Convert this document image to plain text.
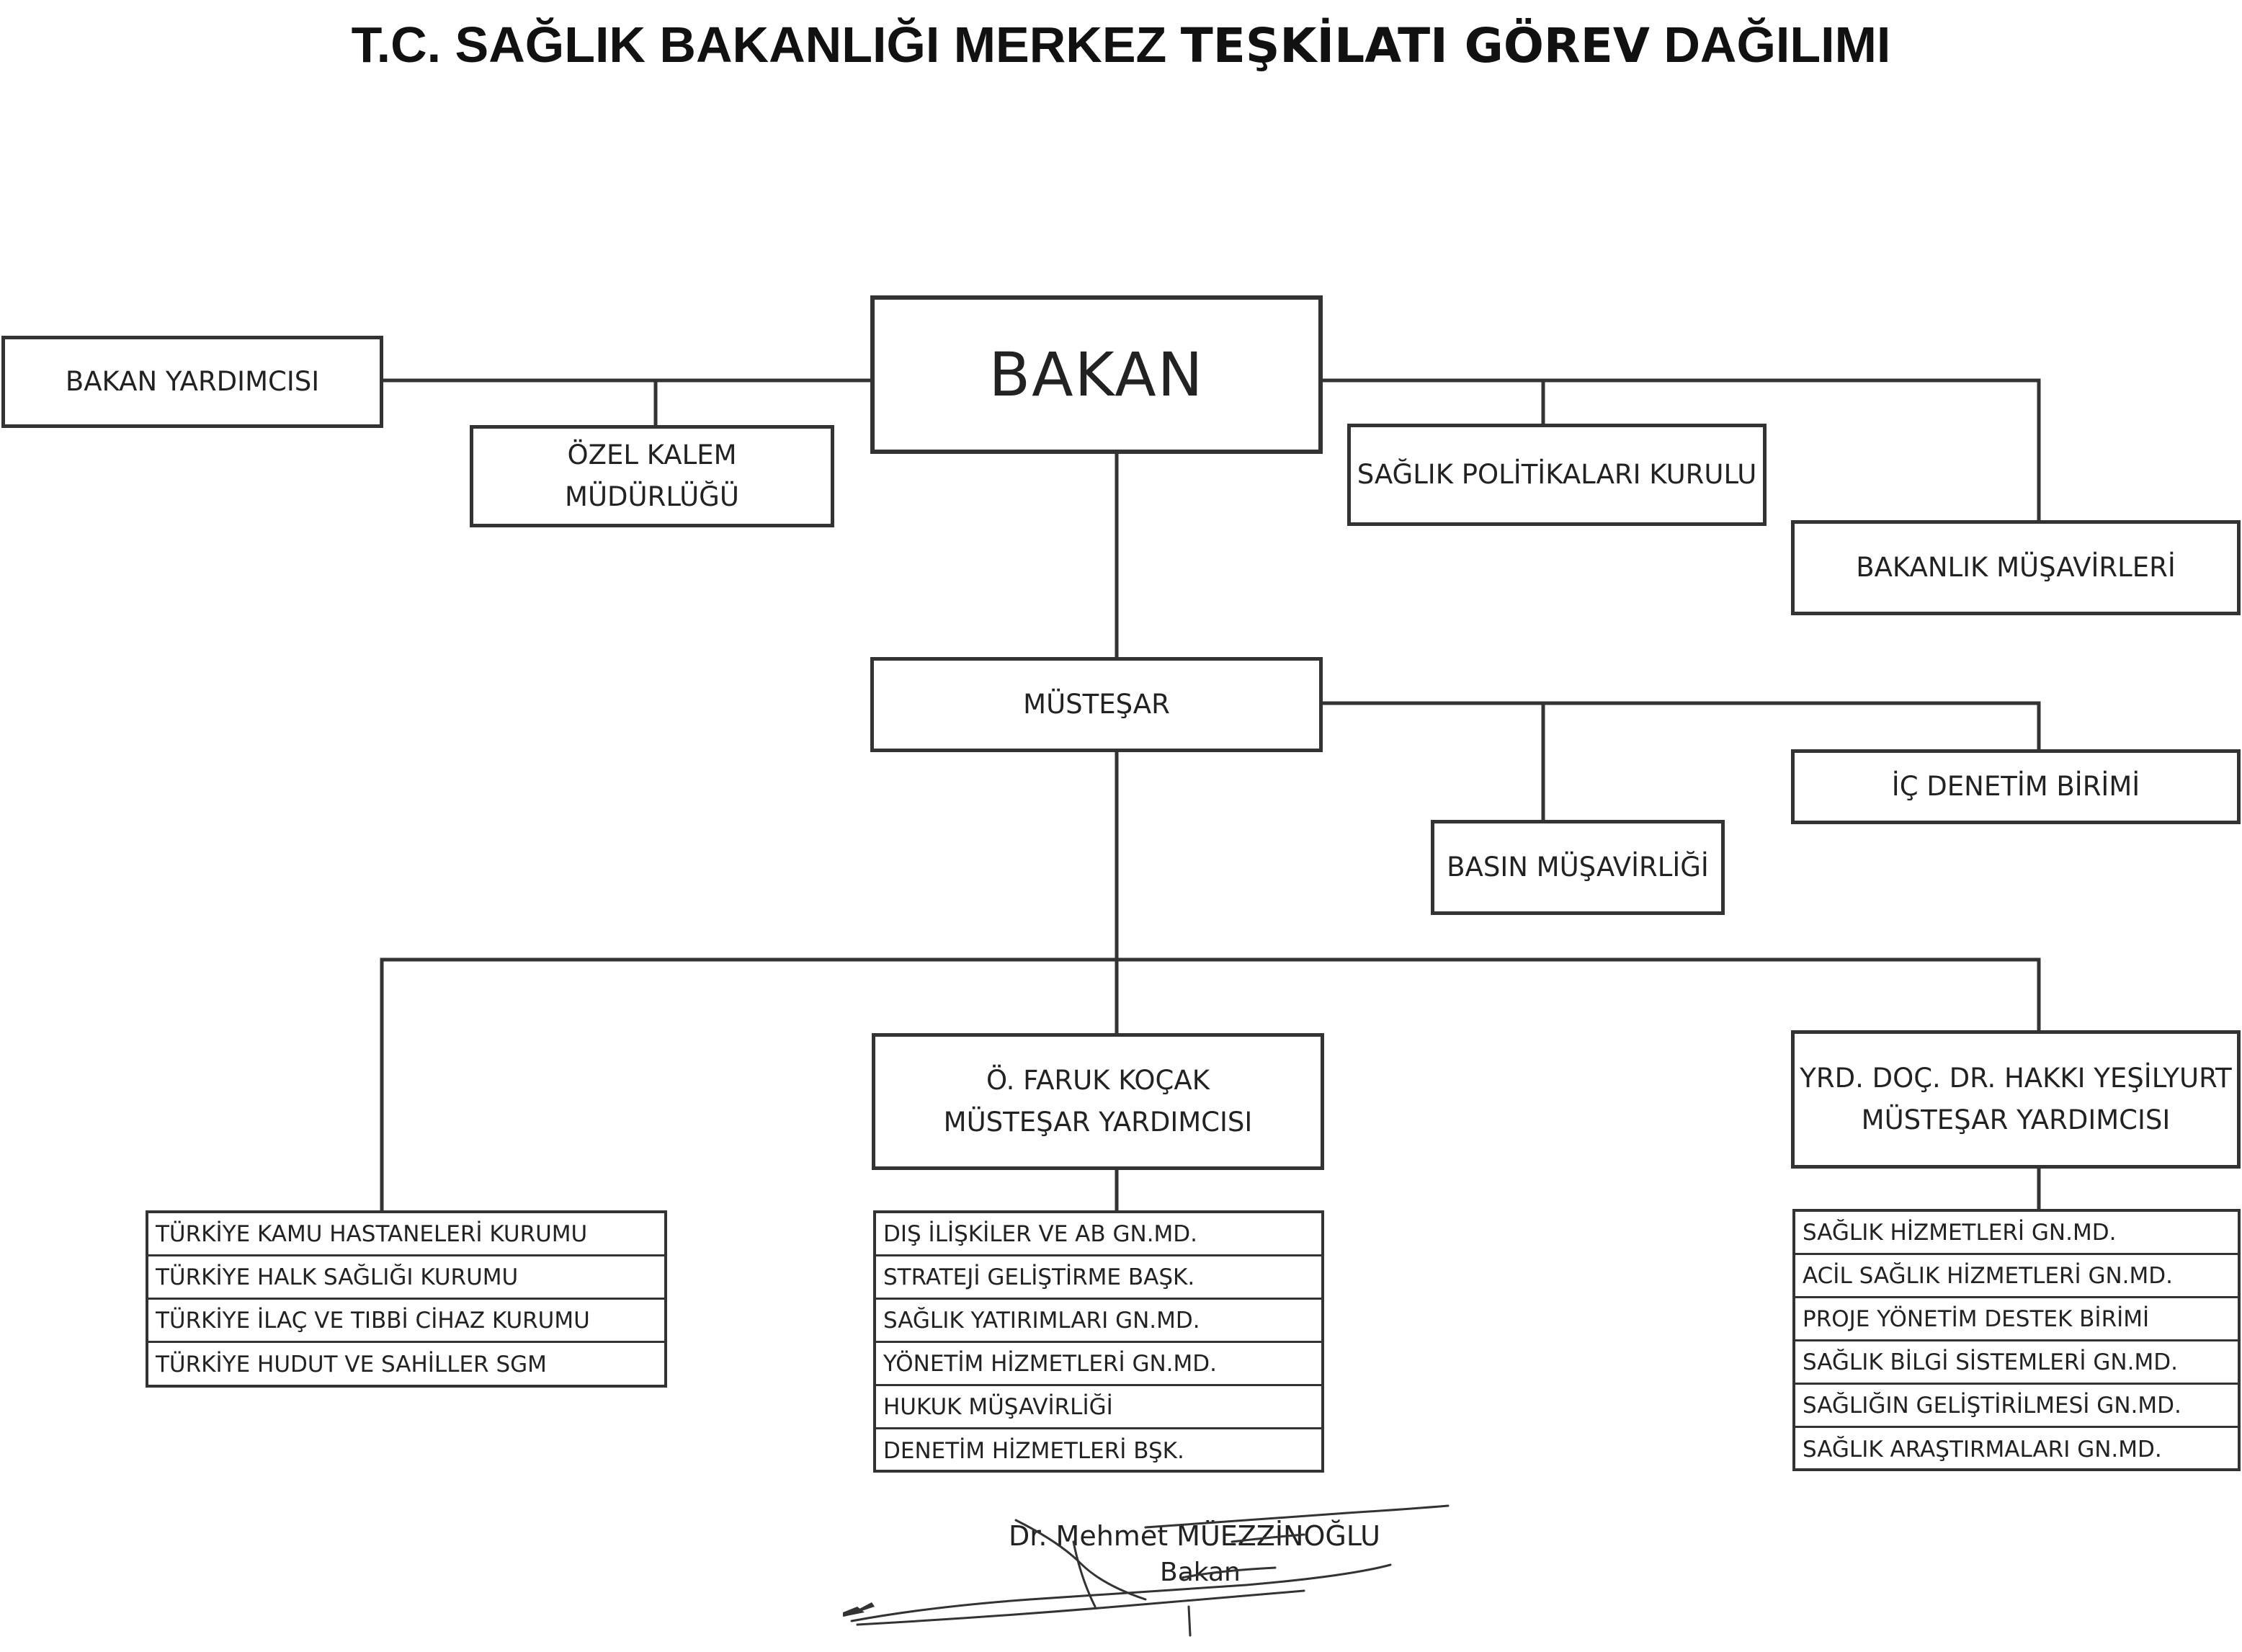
T.C. SAĞLIK BAKANLIĞI MERKEZ TEŞKİLATI GÖREV DAĞILIMI
BAKAN
BAKAN YARDIMCISI
ÖZEL KALEM
MÜDÜRLÜĞÜ
SAĞLIK POLİTİKALARI KURULU
BAKANLIK MÜŞAVİRLERİ
MÜSTEŞAR
İÇ DENETİM BİRİMİ
BASIN MÜŞAVİRLİĞİ
Ö. FARUK KOÇAK
MÜSTEŞAR YARDIMCISI
YRD. DOÇ. DR. HAKKI YEŞİLYURT
MÜSTEŞAR YARDIMCISI
TÜRKİYE KAMU HASTANELERİ KURUMU
TÜRKİYE HALK SAĞLIĞI KURUMU
TÜRKİYE İLAÇ VE TIBBİ CİHAZ KURUMU
TÜRKİYE HUDUT VE SAHİLLER SGM
DIŞ İLİŞKİLER VE AB GN.MD.
STRATEJİ GELİŞTİRME BAŞK.
SAĞLIK YATIRIMLARI GN.MD.
YÖNETİM HİZMETLERİ GN.MD.
HUKUK MÜŞAVİRLİĞİ
DENETİM HİZMETLERİ BŞK.
SAĞLIK HİZMETLERİ GN.MD.
ACİL SAĞLIK HİZMETLERİ GN.MD.
PROJE YÖNETİM DESTEK BİRİMİ
SAĞLIK BİLGİ SİSTEMLERİ GN.MD.
SAĞLIĞIN GELİŞTİRİLMESİ GN.MD.
SAĞLIK ARAŞTIRMALARI GN.MD.
Dr. Mehmet MÜEZZİNOĞLU
Bakan
